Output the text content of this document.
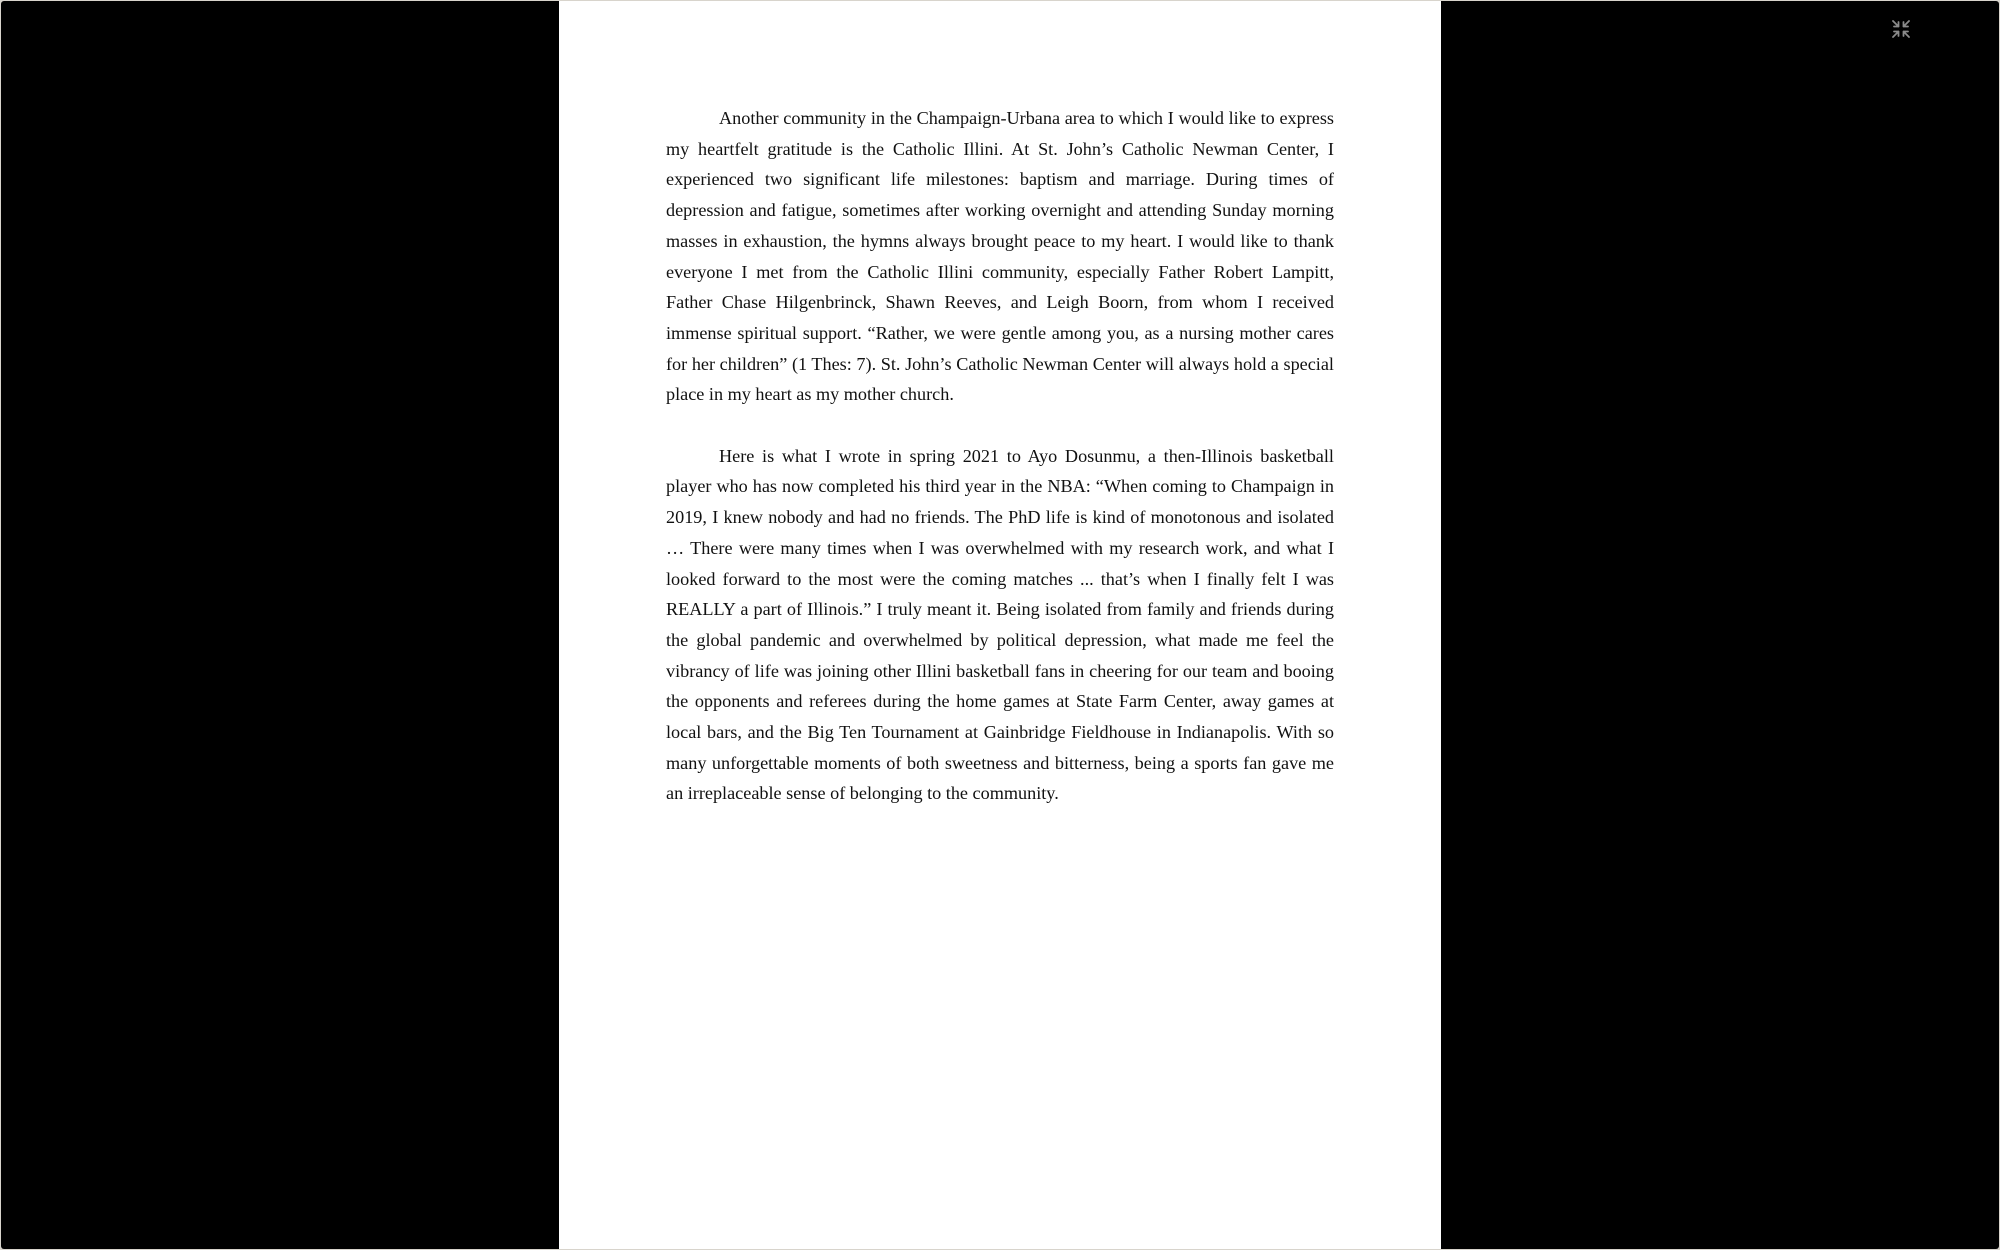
Another community in the Champaign-Urbana area to which I would like to express my heartfelt gratitude is the Catholic Illini. At St. John’s Catholic Newman Center, I experienced two significant life milestones: baptism and marriage. During times of depression and fatigue, sometimes after working overnight and attending Sunday morning masses in exhaustion, the hymns always brought peace to my heart. I would like to thank everyone I met from the Catholic Illini community, especially Father Robert Lampitt, Father Chase Hilgenbrinck, Shawn Reeves, and Leigh Boorn, from whom I received immense spiritual support. “Rather, we were gentle among you, as a nursing mother cares for her children” (1 Thes: 7). St. John’s Catholic Newman Center will always hold a special place in my heart as my mother church.

Here is what I wrote in spring 2021 to Ayo Dosunmu, a then-Illinois basketball player who has now completed his third year in the NBA: “When coming to Champaign in 2019, I knew nobody and had no friends. The PhD life is kind of monotonous and isolated … There were many times when I was overwhelmed with my research work, and what I looked forward to the most were the coming matches ... that’s when I finally felt I was REALLY a part of Illinois.” I truly meant it. Being isolated from family and friends during the global pandemic and overwhelmed by political depression, what made me feel the vibrancy of life was joining other Illini basketball fans in cheering for our team and booing the opponents and referees during the home games at State Farm Center, away games at local bars, and the Big Ten Tournament at Gainbridge Fieldhouse in Indianapolis. With so many unforgettable moments of both sweetness and bitterness, being a sports fan gave me an irreplaceable sense of belonging to the community.
